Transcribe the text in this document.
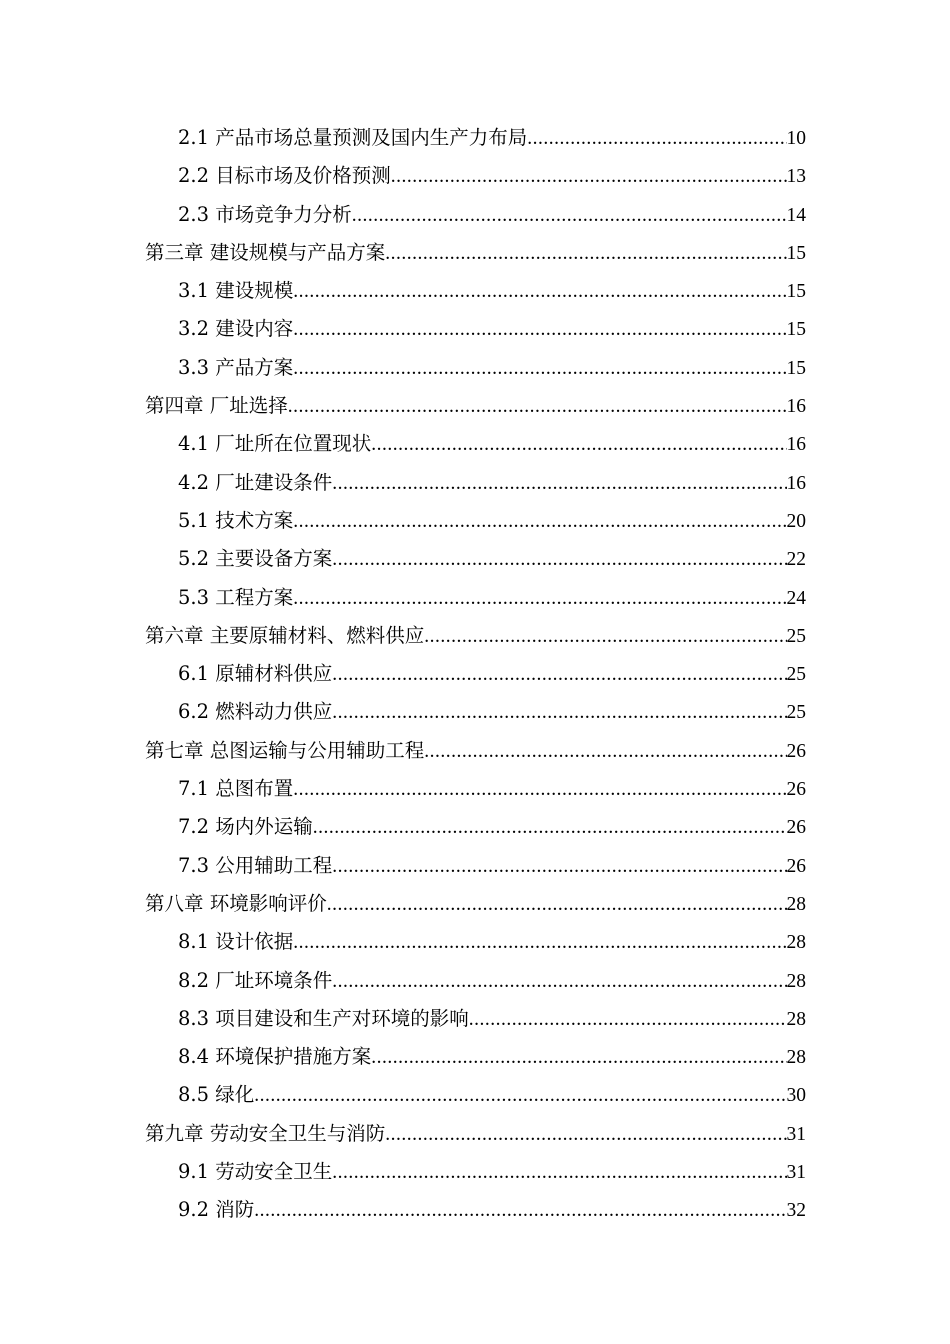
2.1 产品市场总量预测及国内生产力布局 .....	10
2.2 目标市场及价格预测 .....	13
2.3 市场竞争力分析 .....	14
第三章 建设规模与产品方案 .....	15
3.1 建设规模 .....	15
3.2 建设内容 .....	15
3.3 产品方案 .....	15
第四章 厂址选择 .....	16
4.1 厂址所在位置现状 .....	16
4.2 厂址建设条件 .....	16
5.1 技术方案 .....	20
5.2 主要设备方案 .....	22
5.3 工程方案 .....	24
第六章 主要原辅材料、燃料供应 .....	25
6.1 原辅材料供应 .....	25
6.2 燃料动力供应 .....	25
第七章 总图运输与公用辅助工程 .....	26
7.1 总图布置 .....	26
7.2 场内外运输 .....	26
7.3 公用辅助工程 .....	26
第八章 环境影响评价 .....	28
8.1 设计依据 .....	28
8.2 厂址环境条件 .....	28
8.3 项目建设和生产对环境的影响 .....	28
8.4 环境保护措施方案 .....	28
8.5 绿化 .....	30
第九章 劳动安全卫生与消防 .....	31
9.1 劳动安全卫生 .....	31
9.2 消防 .....	32
